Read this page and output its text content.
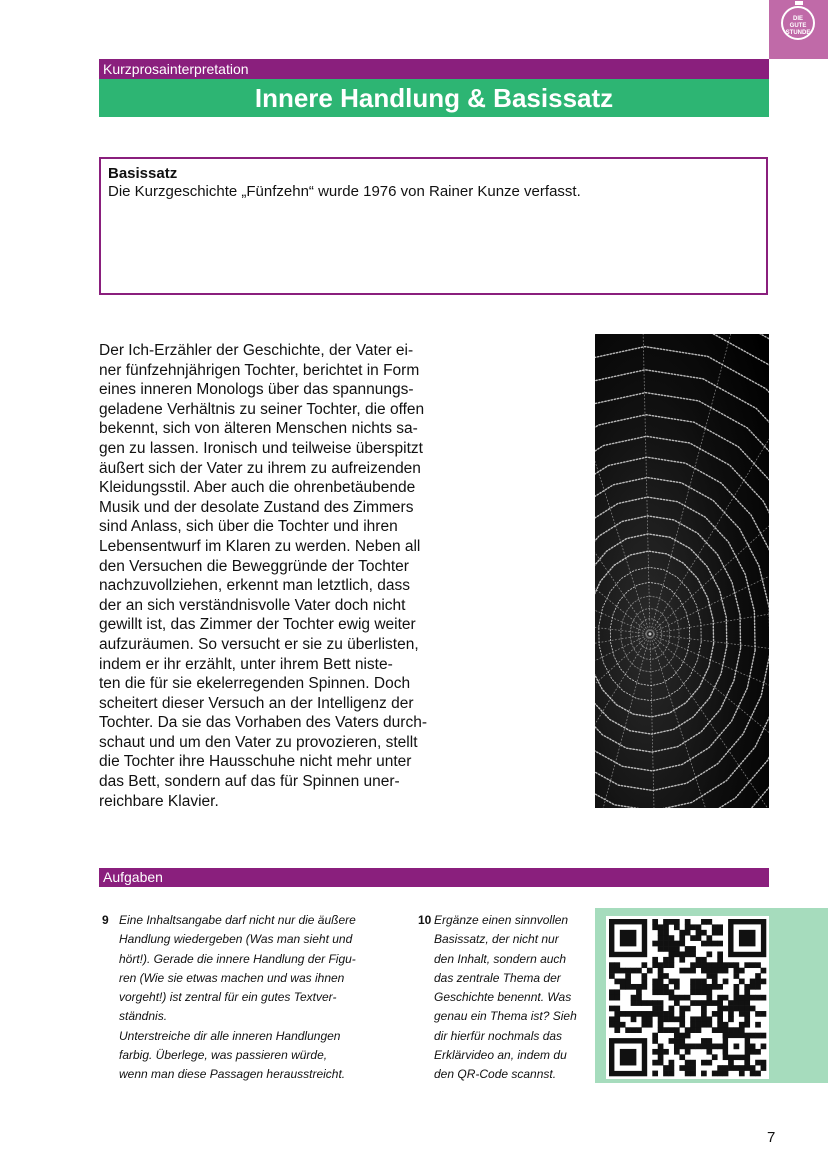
DIE
GUTE
STUNDE
Kurzprosainterpretation
Innere Handlung & Basissatz
Basissatz
Die Kurzgeschichte „Fünfzehn“ wurde 1976 von Rainer Kunze verfasst.
Der Ich-Erzähler der Geschichte, der Vater ei-
ner fünfzehnjährigen Tochter, berichtet in Form
eines inneren Monologs über das spannungs-
geladene Verhältnis zu seiner Tochter, die offen
bekennt, sich von älteren Menschen nichts sa-
gen zu lassen. Ironisch und teilweise überspitzt
äußert sich der Vater zu ihrem zu aufreizenden
Kleidungsstil. Aber auch die ohrenbetäubende
Musik und der desolate Zustand des Zimmers
sind Anlass, sich über die Tochter und ihren
Lebensentwurf im Klaren zu werden. Neben all
den Versuchen die Beweggründe der Tochter
nachzuvollziehen, erkennt man letztlich, dass
der an sich verständnisvolle Vater doch nicht
gewillt ist, das Zimmer der Tochter ewig weiter
aufzuräumen. So versucht er sie zu überlisten,
indem er ihr erzählt, unter ihrem Bett niste-
ten die für sie ekelerregenden Spinnen. Doch
scheitert dieser Versuch an der Intelligenz der
Tochter. Da sie das Vorhaben des Vaters durch-
schaut und um den Vater zu provozieren, stellt
die Tochter ihre Hausschuhe nicht mehr unter
das Bett, sondern auf das für Spinnen uner-
reichbare Klavier.
Aufgaben
9 Eine Inhaltsangabe darf nicht nur die äußere
Handlung wiedergeben (Was man sieht und
hört!). Gerade die innere Handlung der Figu-
ren (Wie sie etwas machen und was ihnen
vorgeht!) ist zentral für ein gutes Textver-
ständnis.
Unterstreiche dir alle inneren Handlungen
farbig. Überlege, was passieren würde,
wenn man diese Passagen herausstreicht.
10 Ergänze einen sinnvollen
Basissatz, der nicht nur
den Inhalt, sondern auch
das zentrale Thema der
Geschichte benennt. Was
genau ein Thema ist? Sieh
dir hierfür nochmals das
Erklärvideo an, indem du
den QR-Code scannst.
7
